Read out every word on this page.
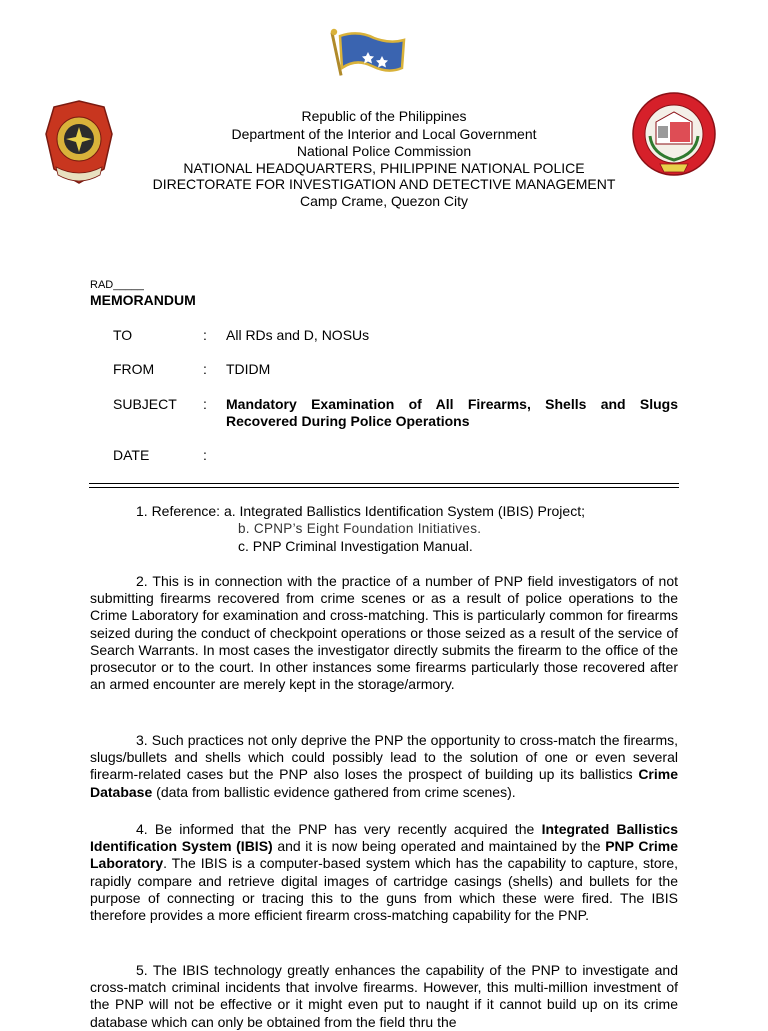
Republic of the Philippines
Department of the Interior and Local Government
National Police Commission
NATIONAL HEADQUARTERS, PHILIPPINE NATIONAL POLICE
DIRECTORATE FOR INVESTIGATION AND DETECTIVE MANAGEMENT
Camp Crame, Quezon City
RAD_____
MEMORANDUM
TO	: All RDs and D, NOSUs
FROM	: TDIDM
SUBJECT : Mandatory Examination of All Firearms, Shells and Slugs Recovered During Police Operations
DATE	:
1. Reference: a. Integrated Ballistics Identification System (IBIS) Project;
b. CPNP’s Eight Foundation Initiatives.
c. PNP Criminal Investigation Manual.
2. This is in connection with the practice of a number of PNP field investigators of not submitting firearms recovered from crime scenes or as a result of police operations to the Crime Laboratory for examination and cross-matching. This is particularly common for firearms seized during the conduct of checkpoint operations or those seized as a result of the service of Search Warrants. In most cases the investigator directly submits the firearm to the office of the prosecutor or to the court. In other instances some firearms particularly those recovered after an armed encounter are merely kept in the storage/armory.
3. Such practices not only deprive the PNP the opportunity to cross-match the firearms, slugs/bullets and shells which could possibly lead to the solution of one or even several firearm-related cases but the PNP also loses the prospect of building up its ballistics Crime Database (data from ballistic evidence gathered from crime scenes).
4. Be informed that the PNP has very recently acquired the Integrated Ballistics Identification System (IBIS) and it is now being operated and maintained by the PNP Crime Laboratory. The IBIS is a computer-based system which has the capability to capture, store, rapidly compare and retrieve digital images of cartridge casings (shells) and bullets for the purpose of connecting or tracing this to the guns from which these were fired. The IBIS therefore provides a more efficient firearm cross-matching capability for the PNP.
5. The IBIS technology greatly enhances the capability of the PNP to investigate and cross-match criminal incidents that involve firearms. However, this multi-million investment of the PNP will not be effective or it might even put to naught if it cannot build up on its crime database which can only be obtained from the field thru the
